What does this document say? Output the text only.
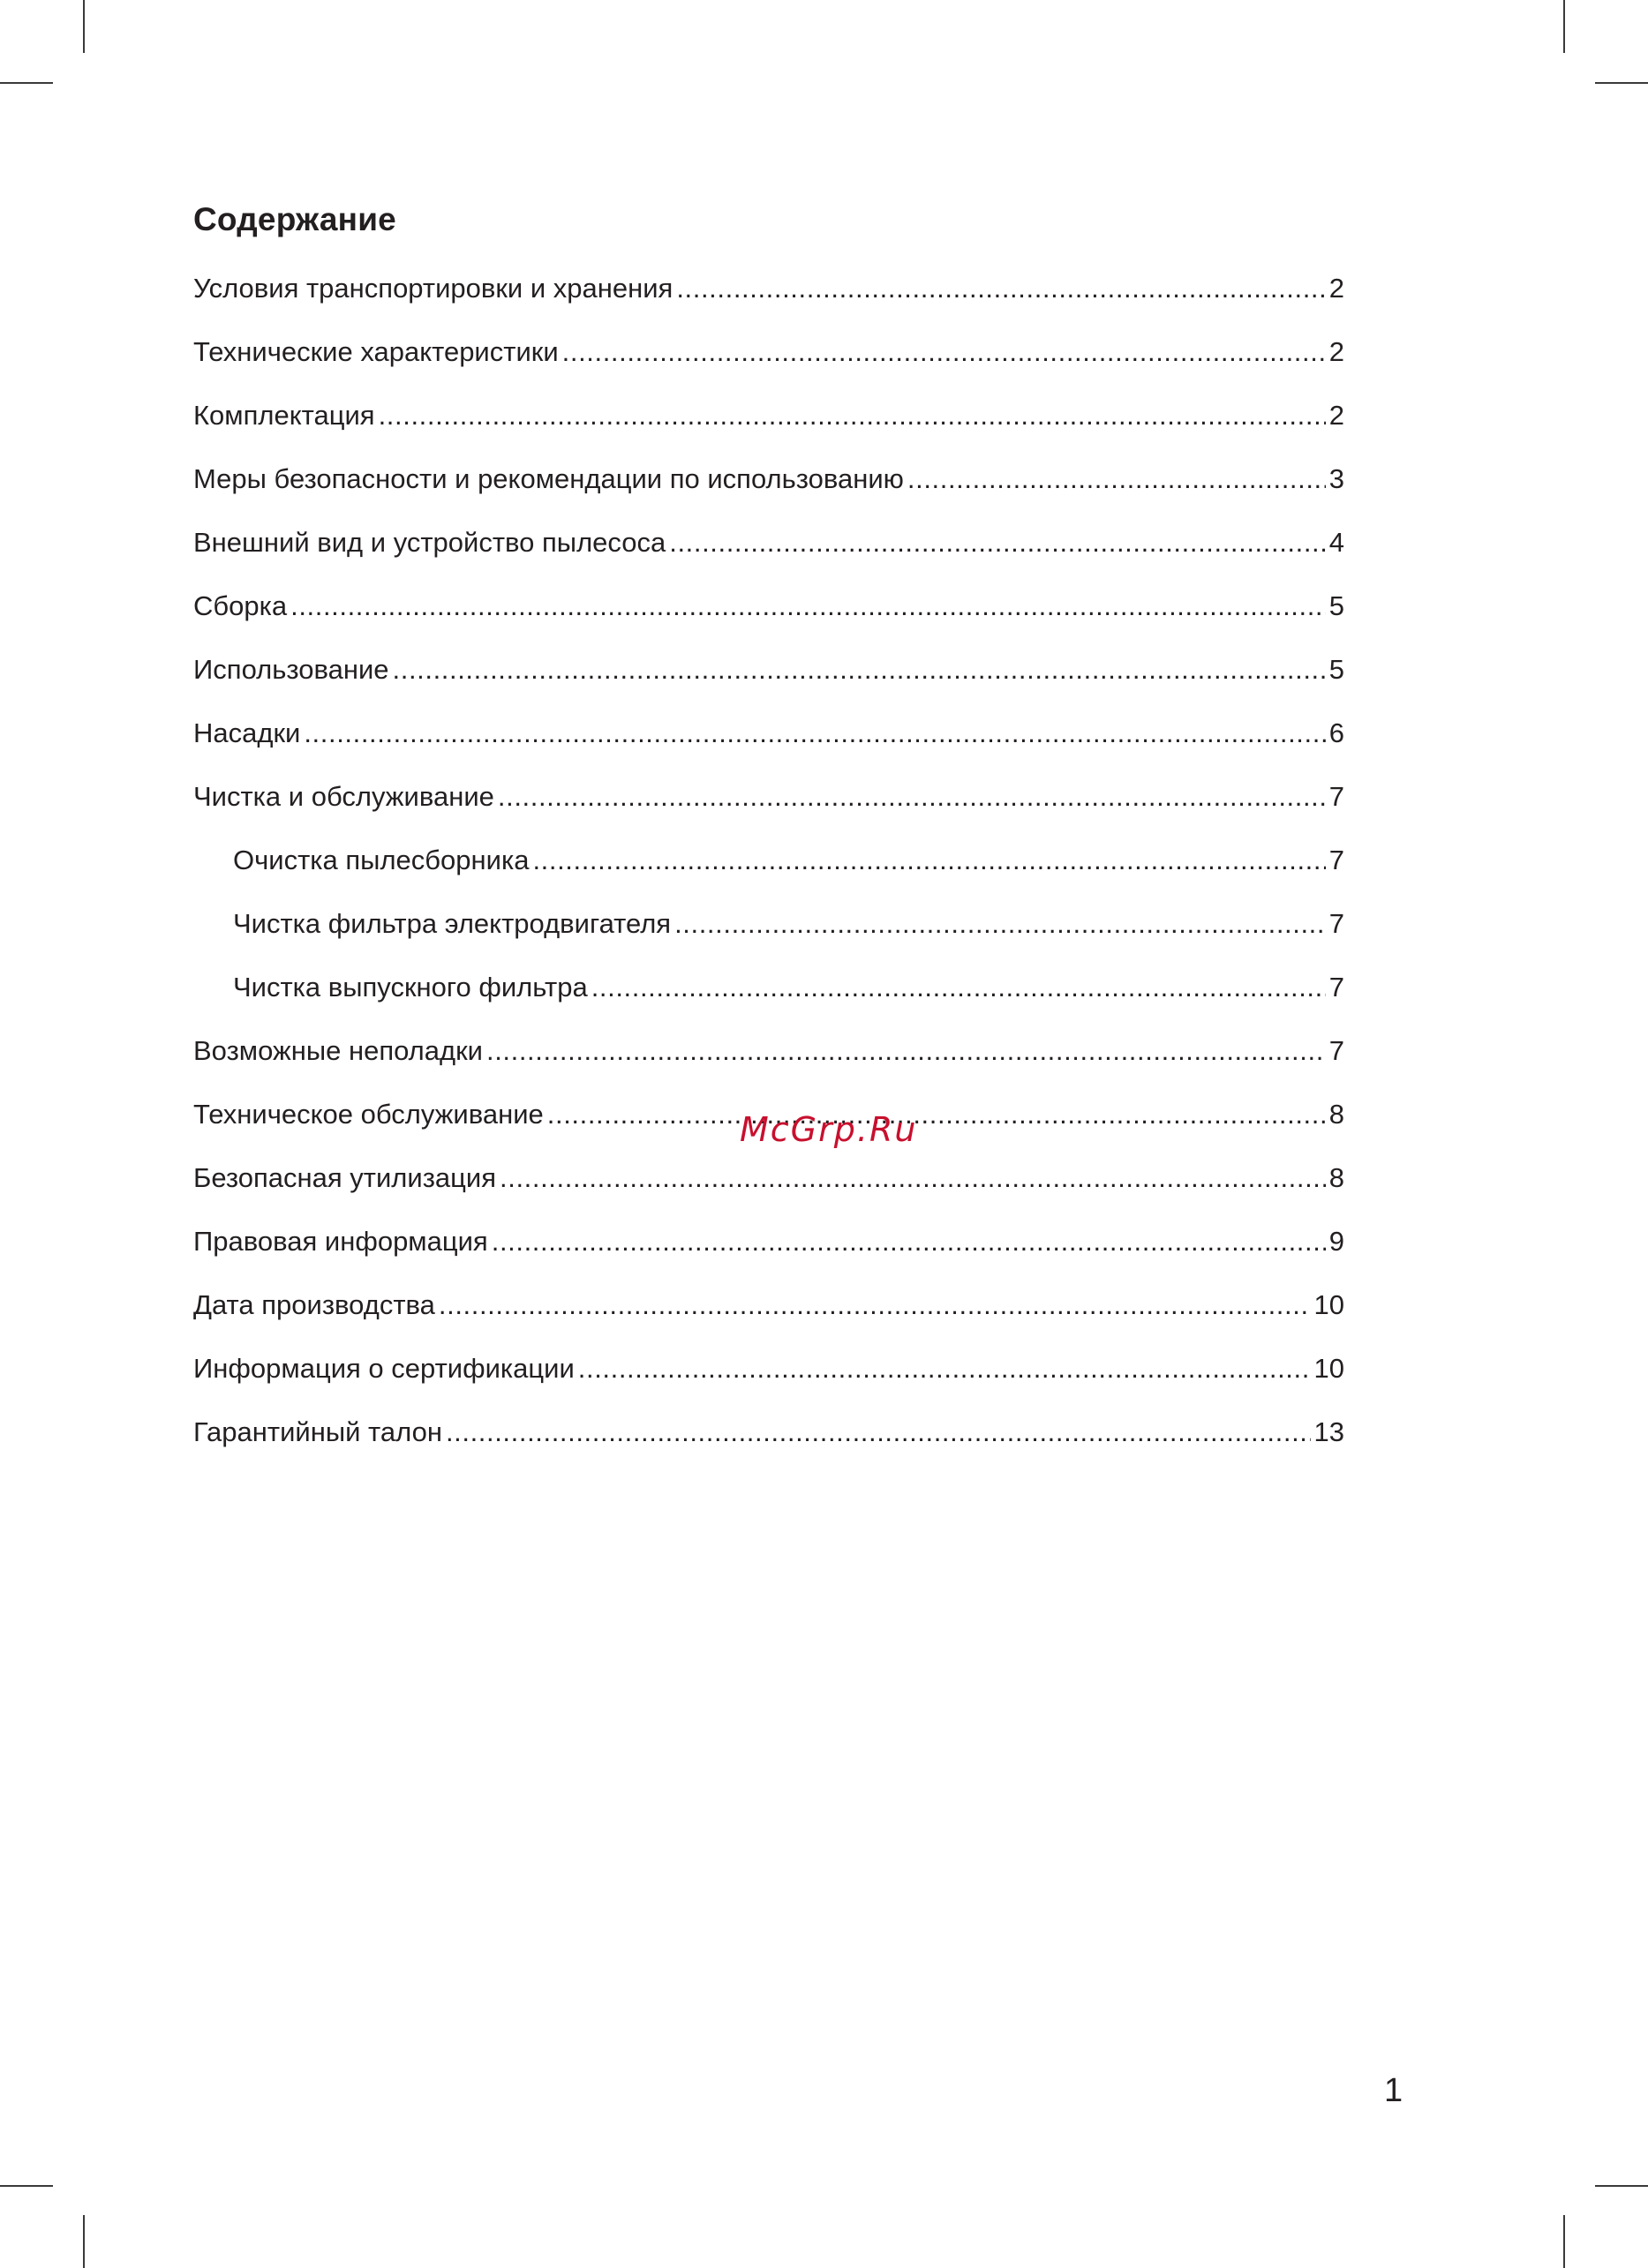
Содержание
Условия транспортировки и хранения .....	2
Технические характеристики .....	2
Комплектация .....	2
Меры безопасности и рекомендации по использованию .....	3
Внешний вид и устройство пылесоса .....	4
Сборка .....	5
Использование .....	5
Насадки .....	6
Чистка и обслуживание .....	7
Очистка пылесборника .....	7
Чистка фильтра электродвигателя .....	7
Чистка выпускного фильтра .....	7
Возможные неполадки .....	7
Техническое обслуживание .....	8
Безопасная утилизация .....	8
Правовая информация .....	9
Дата производства .....	10
Информация о сертификации .....	10
Гарантийный талон .....	13
McGrp.Ru
1
